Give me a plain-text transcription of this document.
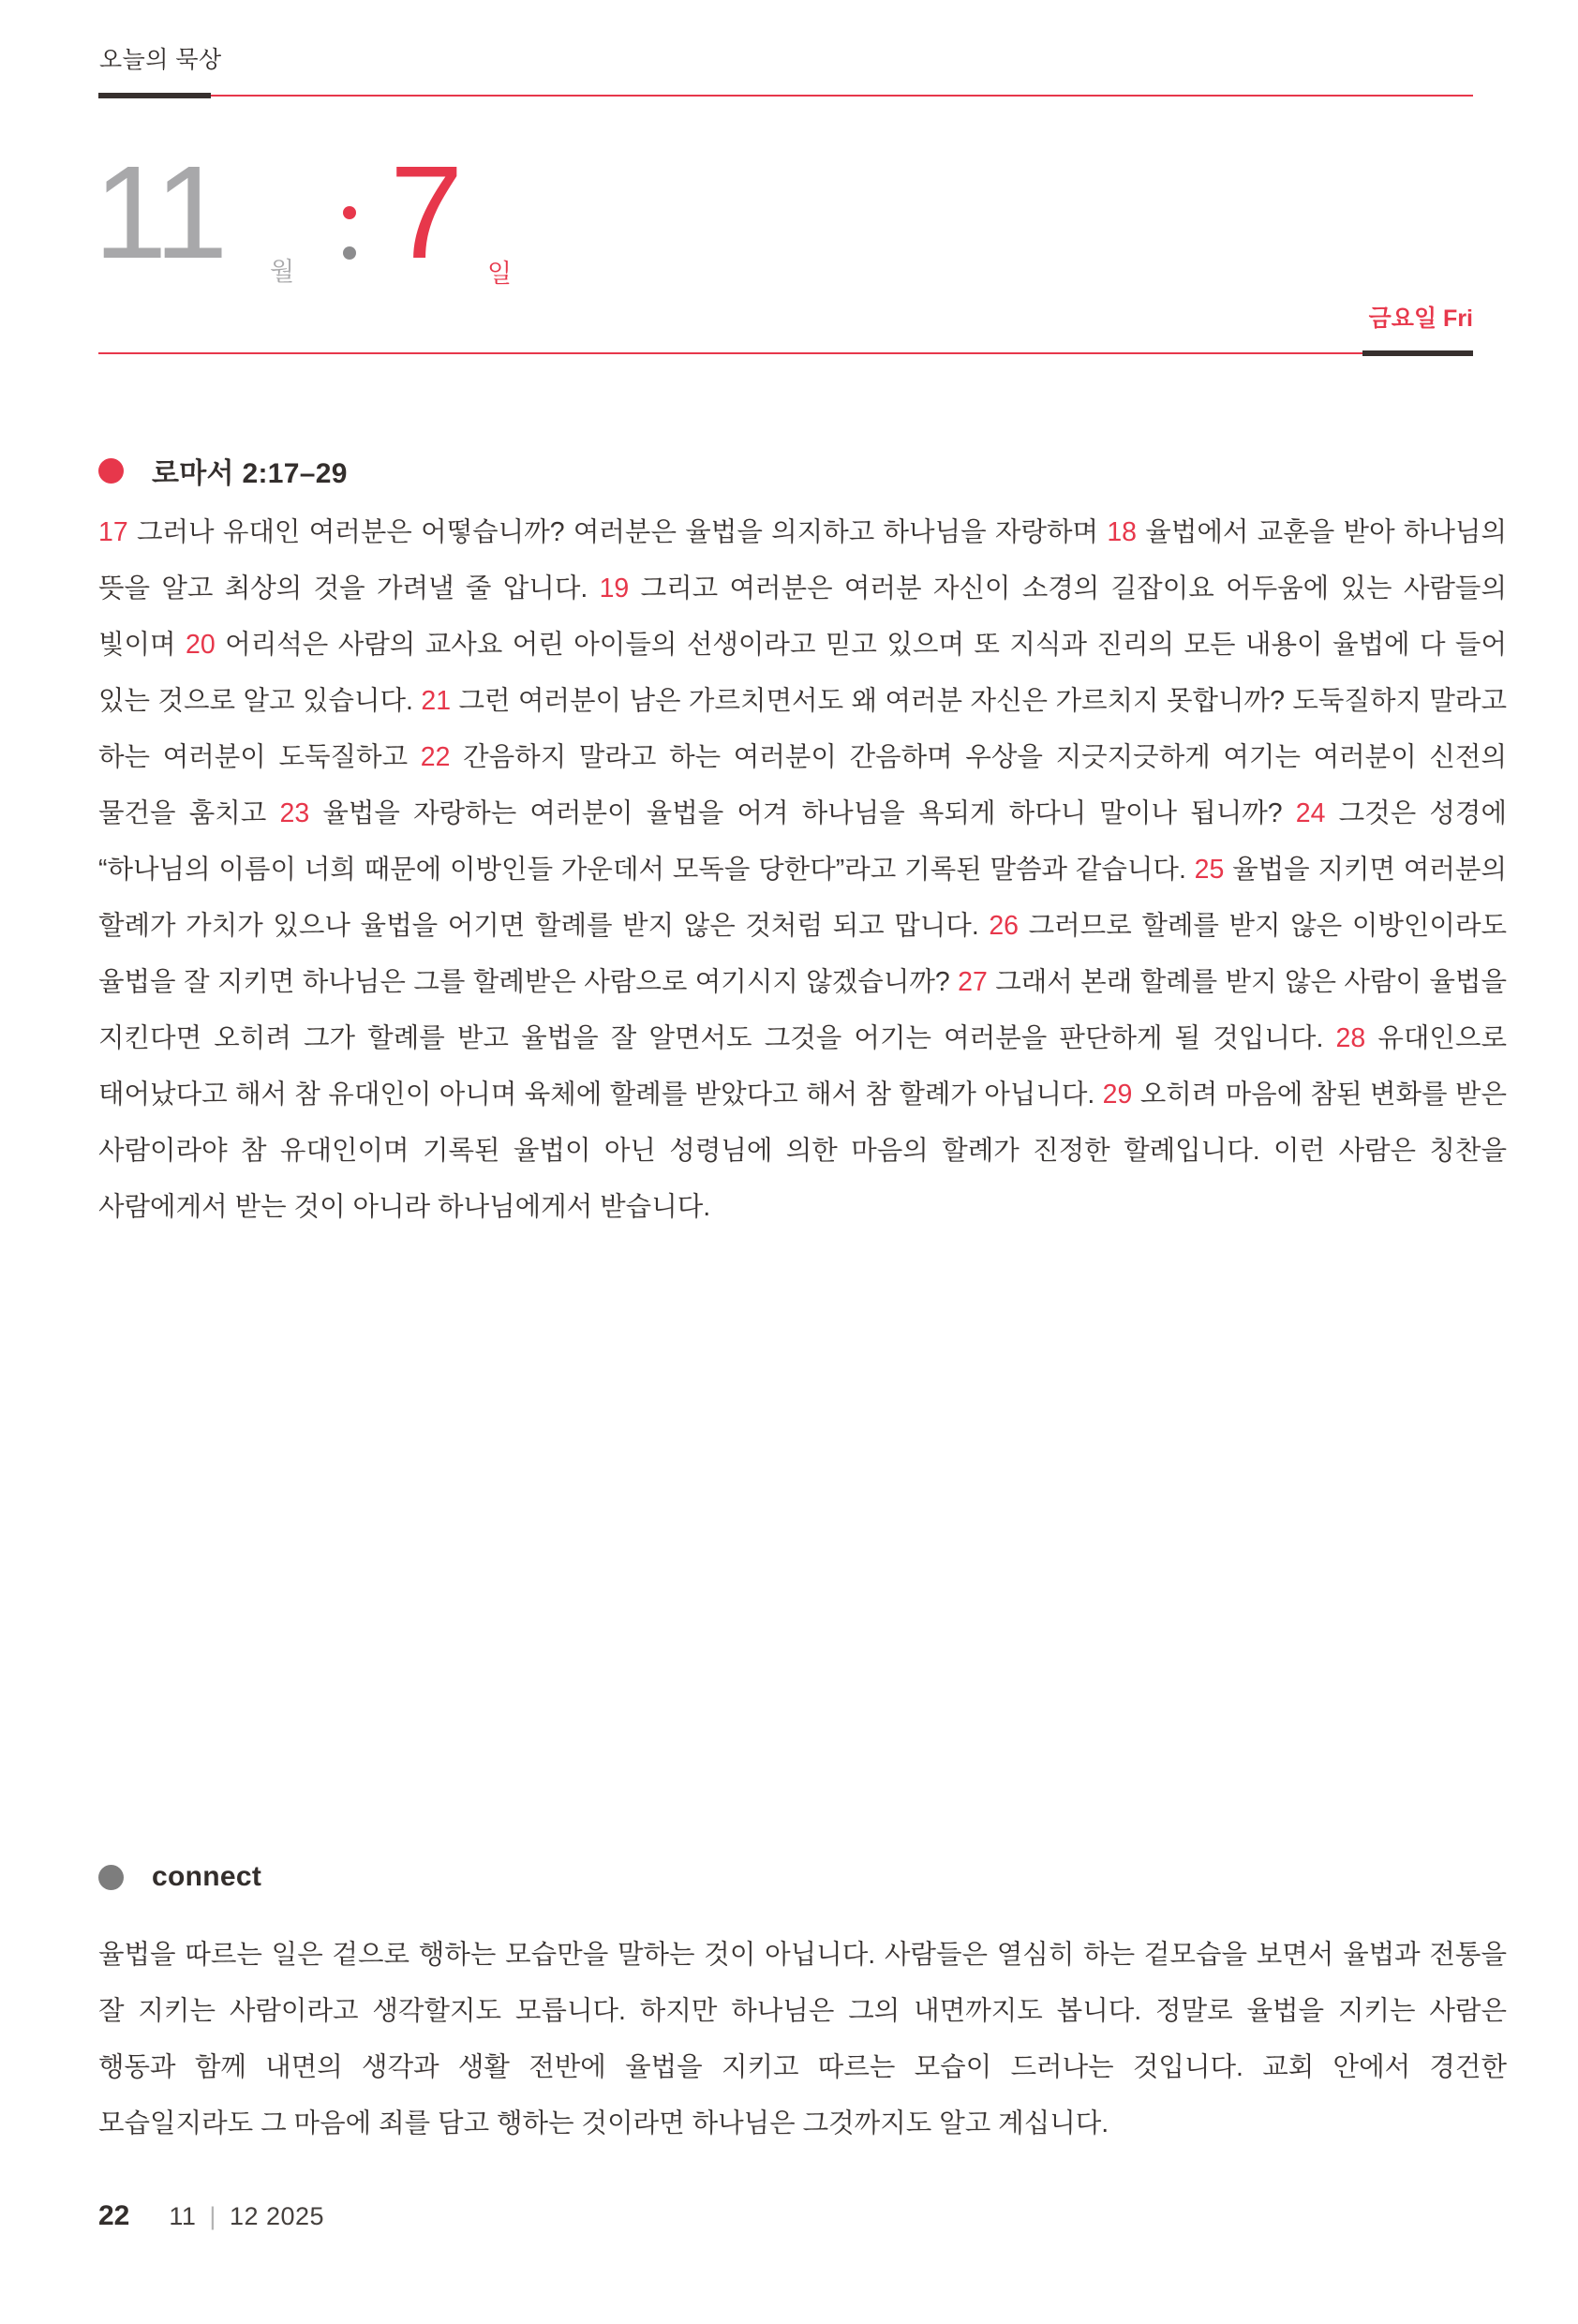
오늘의 묵상
11 월 7 일
금요일 Fri
로마서 2:17–29
17 그러나 유대인 여러분은 어떻습니까? 여러분은 율법을 의지하고 하나님을 자랑하며 18 율법에서 교훈을 받아 하나님의 뜻을 알고 최상의 것을 가려낼 줄 압니다. 19 그리고 여러분은 여러분 자신이 소경의 길잡이요 어두움에 있는 사람들의 빛이며 20 어리석은 사람의 교사요 어린 아이들의 선생이라고 믿고 있으며 또 지식과 진리의 모든 내용이 율법에 다 들어 있는 것으로 알고 있습니다. 21 그런 여러분이 남은 가르치면서도 왜 여러분 자신은 가르치지 못합니까? 도둑질하지 말라고 하는 여러분이 도둑질하고 22 간음하지 말라고 하는 여러분이 간음하며 우상을 지긋지긋하게 여기는 여러분이 신전의 물건을 훔치고 23 율법을 자랑하는 여러분이 율법을 어겨 하나님을 욕되게 하다니 말이나 됩니까? 24 그것은 성경에 “하나님의 이름이 너희 때문에 이방인들 가운데서 모독을 당한다”라고 기록된 말씀과 같습니다. 25 율법을 지키면 여러분의 할례가 가치가 있으나 율법을 어기면 할례를 받지 않은 것처럼 되고 맙니다. 26 그러므로 할례를 받지 않은 이방인이라도 율법을 잘 지키면 하나님은 그를 할례받은 사람으로 여기시지 않겠습니까? 27 그래서 본래 할례를 받지 않은 사람이 율법을 지킨다면 오히려 그가 할례를 받고 율법을 잘 알면서도 그것을 어기는 여러분을 판단하게 될 것입니다. 28 유대인으로 태어났다고 해서 참 유대인이 아니며 육체에 할례를 받았다고 해서 참 할례가 아닙니다. 29 오히려 마음에 참된 변화를 받은 사람이라야 참 유대인이며 기록된 율법이 아닌 성령님에 의한 마음의 할례가 진정한 할례입니다. 이런 사람은 칭찬을 사람에게서 받는 것이 아니라 하나님에게서 받습니다.
connect
율법을 따르는 일은 겉으로 행하는 모습만을 말하는 것이 아닙니다. 사람들은 열심히 하는 겉모습을 보면서 율법과 전통을 잘 지키는 사람이라고 생각할지도 모릅니다. 하지만 하나님은 그의 내면까지도 봅니다. 정말로 율법을 지키는 사람은 행동과 함께 내면의 생각과 생활 전반에 율법을 지키고 따르는 모습이 드러나는 것입니다. 교회 안에서 경건한 모습일지라도 그 마음에 죄를 담고 행하는 것이라면 하나님은 그것까지도 알고 계십니다.
22 11 | 12 2025
